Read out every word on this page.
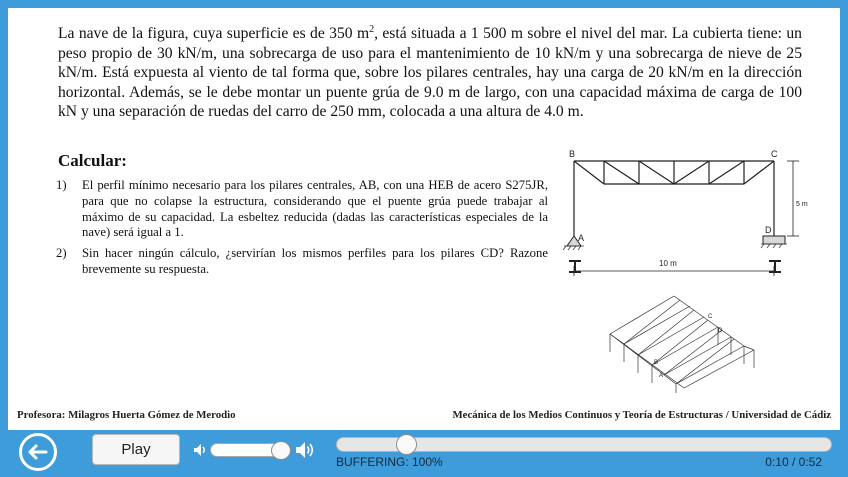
La nave de la figura, cuya superficie es de 350 $m^2$, está situada a 1 500 m sobre el nivel del mar. La cubierta tiene: un peso propio de 30 kN/m, una sobrecarga de uso para el mantenimiento de 10 kN/m y una sobrecarga de nieve de 25 kN/m. Está expuesta al viento de tal forma que, sobre los pilares centrales, hay una carga de 20 kN/m en la dirección horizontal. Además, se le debe montar un puente grúa de 9.0 m de largo, con una capacidad máxima de carga de 100 kN y una separación de ruedas del carro de 250 mm, colocada a una altura de 4.0 m.

Calcular:
1) El perfil mínimo necesario para los pilares centrales, AB, con una HEB de acero S275JR, para que no colapse la estructura, considerando que el puente grúa puede trabajar al máximo de su capacidad. La esbeltez reducida (dadas las características especiales de la nave) será igual a 1.
2) Sin hacer ningún cálculo, ¿servirían los mismos perfiles para los pilares CD? Razone brevemente su respuesta.
B	C
A
D
5 m
10 m
C
D
B
A
Profesora: Milagros Huerta Gómez de Merodio	Mecánica de los Medios Continuos y Teoría de Estructuras / Universidad de Cádiz
Play
BUFFERING: 100%	0:10 / 0:52
